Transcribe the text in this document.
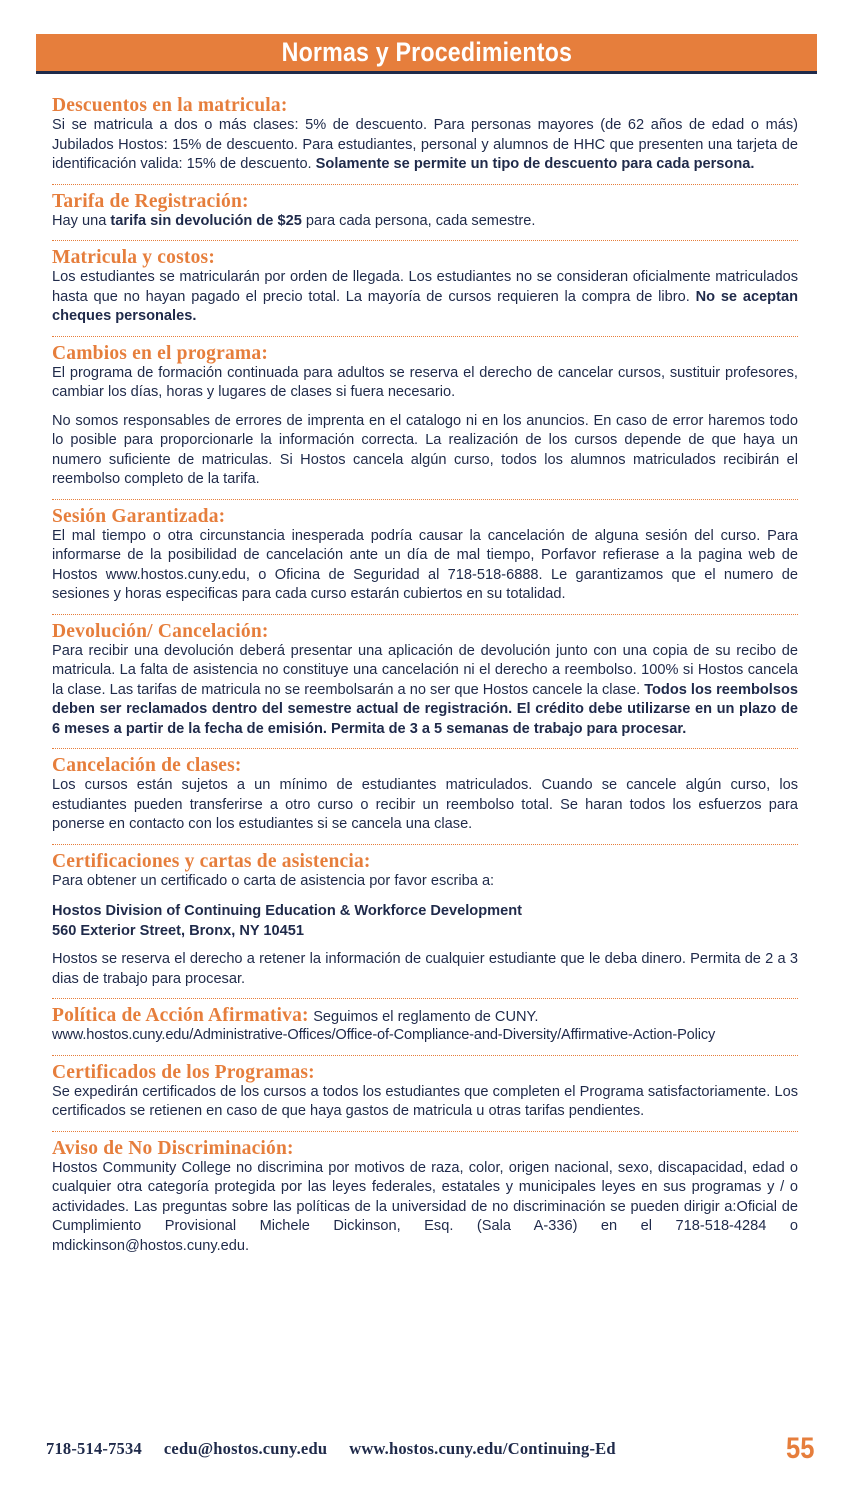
Normas y Procedimientos
Descuentos en la matricula:

Si se matricula a dos o más clases: 5% de descuento. Para personas mayores (de 62 años de edad o más) Jubilados Hostos: 15% de descuento. Para estudiantes, personal y alumnos de HHC que presenten una tarjeta de identificación valida: 15% de descuento. Solamente se permite un tipo de descuento para cada persona.

Tarifa de Registración:

Hay una tarifa sin devolución de $25 para cada persona, cada semestre.

Matricula y costos:

Los estudiantes se matricularán por orden de llegada. Los estudiantes no se consideran oficialmente matriculados hasta que no hayan pagado el precio total. La mayoría de cursos requieren la compra de libro. No se aceptan cheques personales.

Cambios en el programa:

El programa de formación continuada para adultos se reserva el derecho de cancelar cursos, sustituir profesores, cambiar los días, horas y lugares de clases si fuera necesario.

No somos responsables de errores de imprenta en el catalogo ni en los anuncios. En caso de error haremos todo lo posible para proporcionarle la información correcta. La realización de los cursos depende de que haya un numero suficiente de matriculas. Si Hostos cancela algún curso, todos los alumnos matriculados recibirán el reembolso completo de la tarifa.

Sesión Garantizada:

El mal tiempo o otra circunstancia inesperada podría causar la cancelación de alguna sesión del curso. Para informarse de la posibilidad de cancelación ante un día de mal tiempo, Porfavor refierase a la pagina web de Hostos www.hostos.cuny.edu, o Oficina de Seguridad al 718-518-6888. Le garantizamos que el numero de sesiones y horas especificas para cada curso estarán cubiertos en su totalidad.

Devolución/ Cancelación:

Para recibir una devolución deberá presentar una aplicación de devolución junto con una copia de su recibo de matricula. La falta de asistencia no constituye una cancelación ni el derecho a reembolso. 100% si Hostos cancela la clase. Las tarifas de matricula no se reembolsarán a no ser que Hostos cancele la clase. Todos los reembolsos deben ser reclamados dentro del semestre actual de registración. El crédito debe utilizarse en un plazo de 6 meses a partir de la fecha de emisión. Permita de 3 a 5 semanas de trabajo para procesar.

Cancelación de clases:

Los cursos están sujetos a un mínimo de estudiantes matriculados. Cuando se cancele algún curso, los estudiantes pueden transferirse a otro curso o recibir un reembolso total. Se haran todos los esfuerzos para ponerse en contacto con los estudiantes si se cancela una clase.

Certificaciones y cartas de asistencia:

Para obtener un certificado o carta de asistencia por favor escriba a:

Hostos Division of Continuing Education & Workforce Development
560 Exterior Street, Bronx, NY 10451

Hostos se reserva el derecho a retener la información de cualquier estudiante que le deba dinero. Permita de 2 a 3 dias de trabajo para procesar.

Política de Acción Afirmativa: Seguimos el reglamento de CUNY.

www.hostos.cuny.edu/Administrative-Offices/Office-of-Compliance-and-Diversity/Affirmative-Action-Policy

Certificados de los Programas:

Se expedirán certificados de los cursos a todos los estudiantes que completen el Programa satisfactoriamente. Los certificados se retienen en caso de que haya gastos de matricula u otras tarifas pendientes.

Aviso de No Discriminación:

Hostos Community College no discrimina por motivos de raza, color, origen nacional, sexo, discapacidad, edad o cualquier otra categoría protegida por las leyes federales, estatales y municipales leyes en sus programas y / o actividades. Las preguntas sobre las políticas de la universidad de no discriminación se pueden dirigir a:Oficial de Cumplimiento Provisional Michele Dickinson, Esq. (Sala A-336) en el 718-518-4284 o mdickinson@hostos.cuny.edu.

718-514-7534 cedu@hostos.cuny.edu www.hostos.cuny.edu/Continuing-Ed	55
